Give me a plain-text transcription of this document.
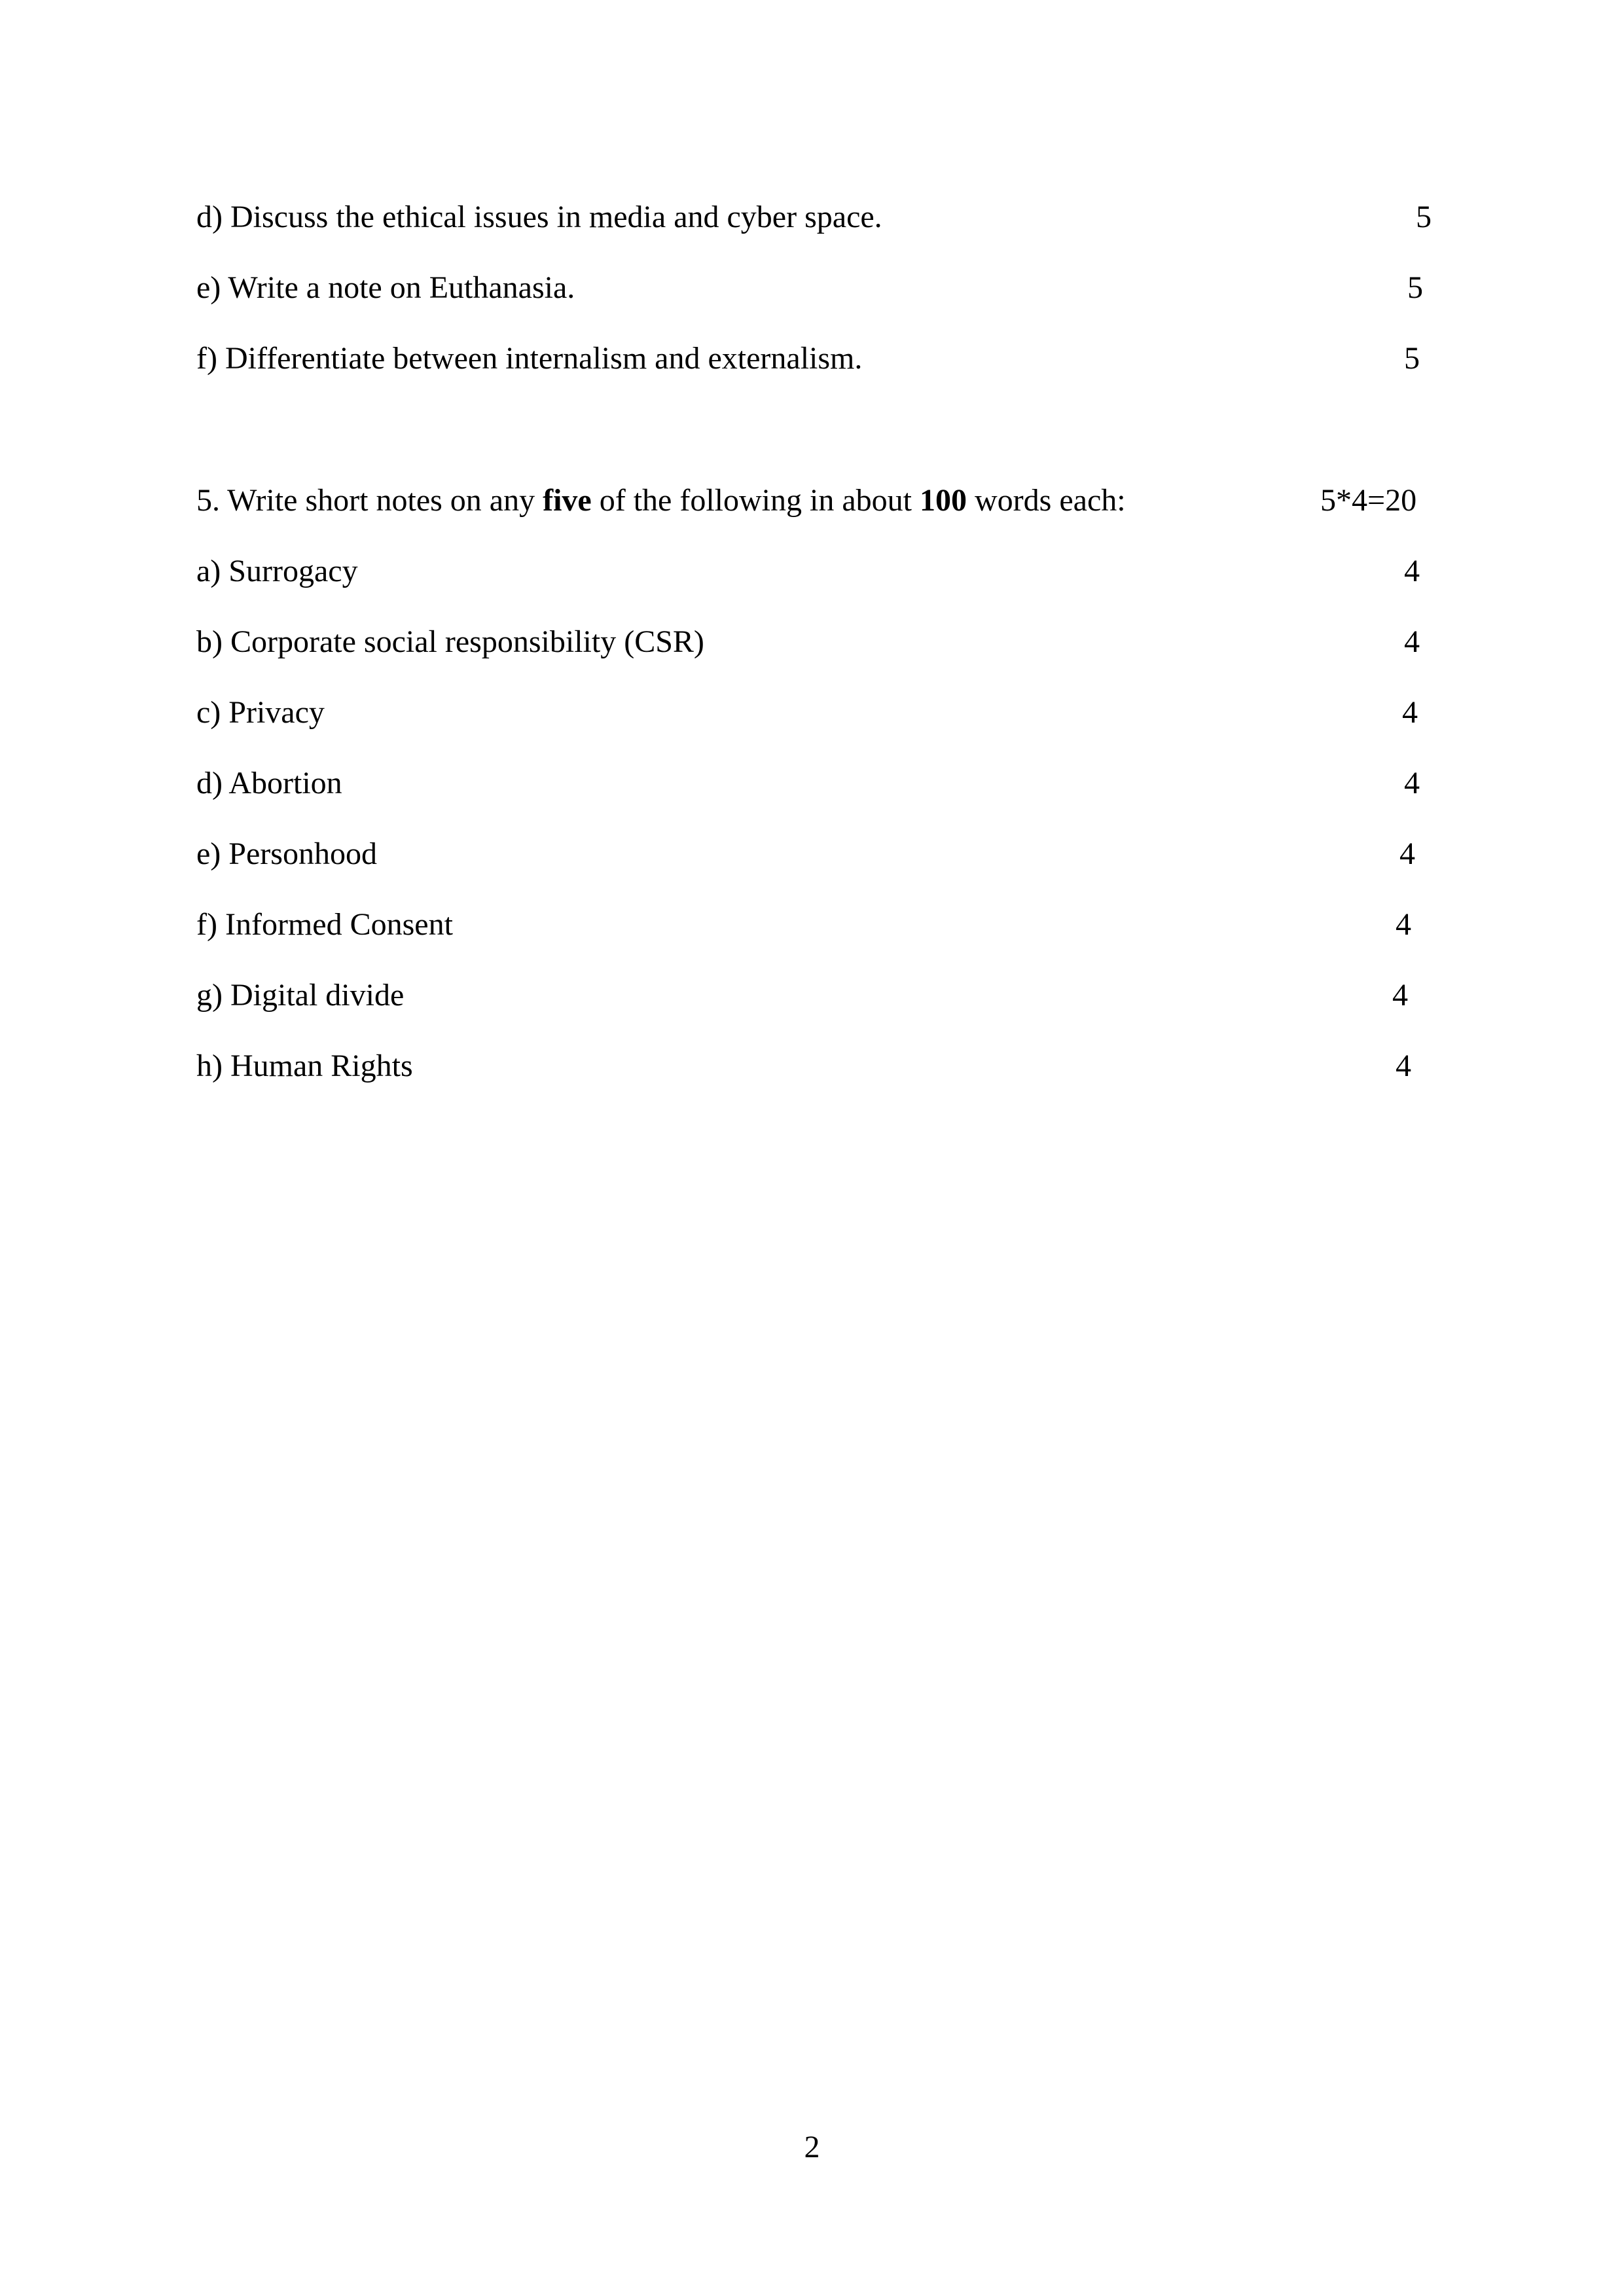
d) Discuss the ethical issues in media and cyber space.	5
e) Write a note on Euthanasia.	5
f) Differentiate between internalism and externalism.	5
5. Write short notes on any five of the following in about 100 words each:	5*4=20
a) Surrogacy	4
b) Corporate social responsibility (CSR)	4
c) Privacy	4
d) Abortion	4
e) Personhood	4
f) Informed Consent	4
g) Digital divide	4
h) Human Rights	4
2
